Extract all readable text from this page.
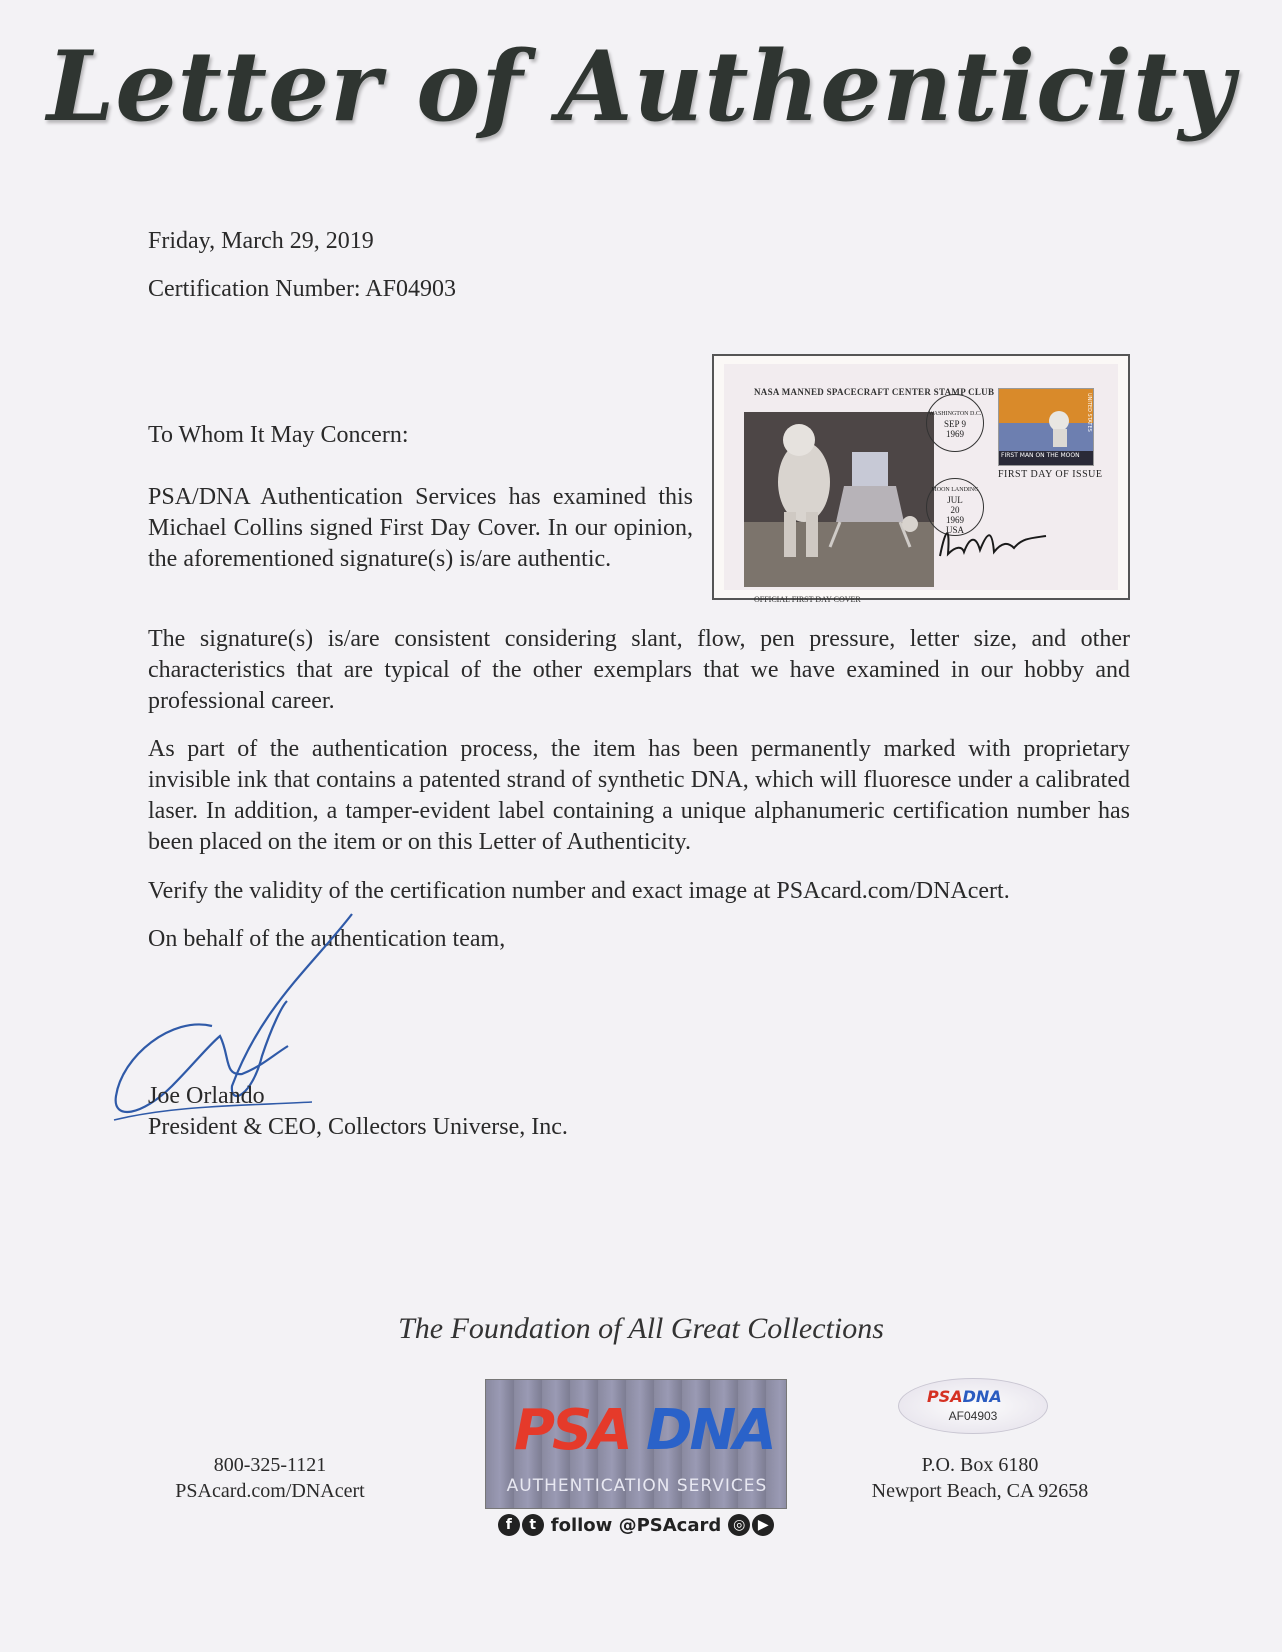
Letter of Authenticity
Friday, March 29, 2019
Certification Number: AF04903
NASA MANNED SPACECRAFT CENTER STAMP CLUB
WASHINGTON D.C.
SEP 9
1969
MOON LANDING
JUL
20
1969
USA
FIRST MAN ON THE MOON
UNITED STATES
FIRST DAY OF ISSUE
OFFICIAL FIRST DAY COVER
To Whom It May Concern:
PSA/DNA Authentication Services has examined this Michael Collins signed First Day Cover. In our opinion, the aforementioned signature(s) is/are authentic.
The signature(s) is/are consistent considering slant, flow, pen pressure, letter size, and other characteristics that are typical of the other exemplars that we have examined in our hobby and professional career.
As part of the authentication process, the item has been permanently marked with proprietary invisible ink that contains a patented strand of synthetic DNA, which will fluoresce under a calibrated laser. In addition, a tamper-evident label containing a unique alphanumeric certification number has been placed on the item or on this Letter of Authenticity.
Verify the validity of the certification number and exact image at PSAcard.com/DNAcert.
On behalf of the authentication team,
Joe Orlando
President & CEO, Collectors Universe, Inc.
The Foundation of All Great Collections
800-325-1121
PSAcard.com/DNAcert
PSA DNA
AUTHENTICATION SERVICES
f t follow @PSAcard ◎ ▶
PSADNA
AF04903
P.O. Box 6180
Newport Beach, CA 92658
